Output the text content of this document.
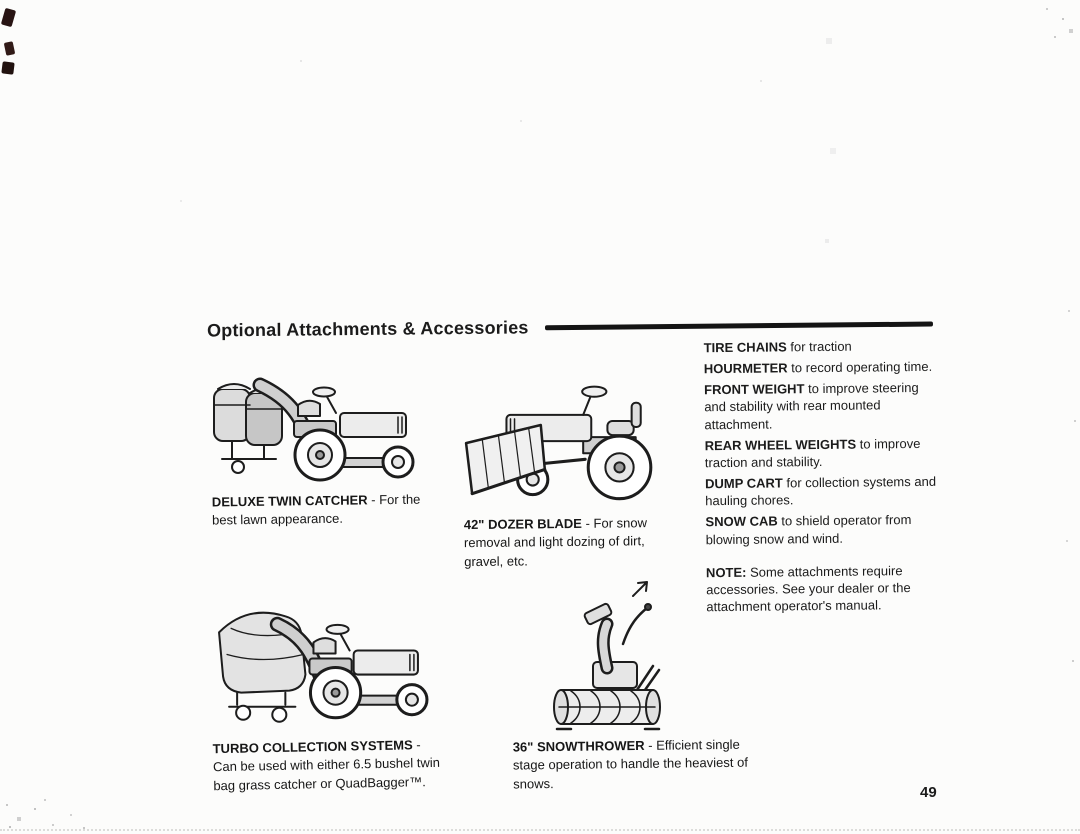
Optional Attachments & Accessories

DELUXE TWIN CATCHER - For the best lawn appearance.	42" DOZER BLADE - For snow removal and light dozing of dirt, gravel, etc.

TURBO COLLECTION SYSTEMS - Can be used with either 6.5 bushel twin bag grass catcher or QuadBagger™.

36" SNOWTHROWER - Efficient single stage operation to handle the heaviest of snows.

TIRE CHAINS for traction

HOURMETER to record operating time.

FRONT WEIGHT to improve steering and stability with rear mounted attachment.

REAR WHEEL WEIGHTS to improve traction and stability.

DUMP CART for collection systems and hauling chores.

SNOW CAB to shield operator from blowing snow and wind.

NOTE: Some attachments require accessories. See your dealer or the attachment operator's manual.

49
